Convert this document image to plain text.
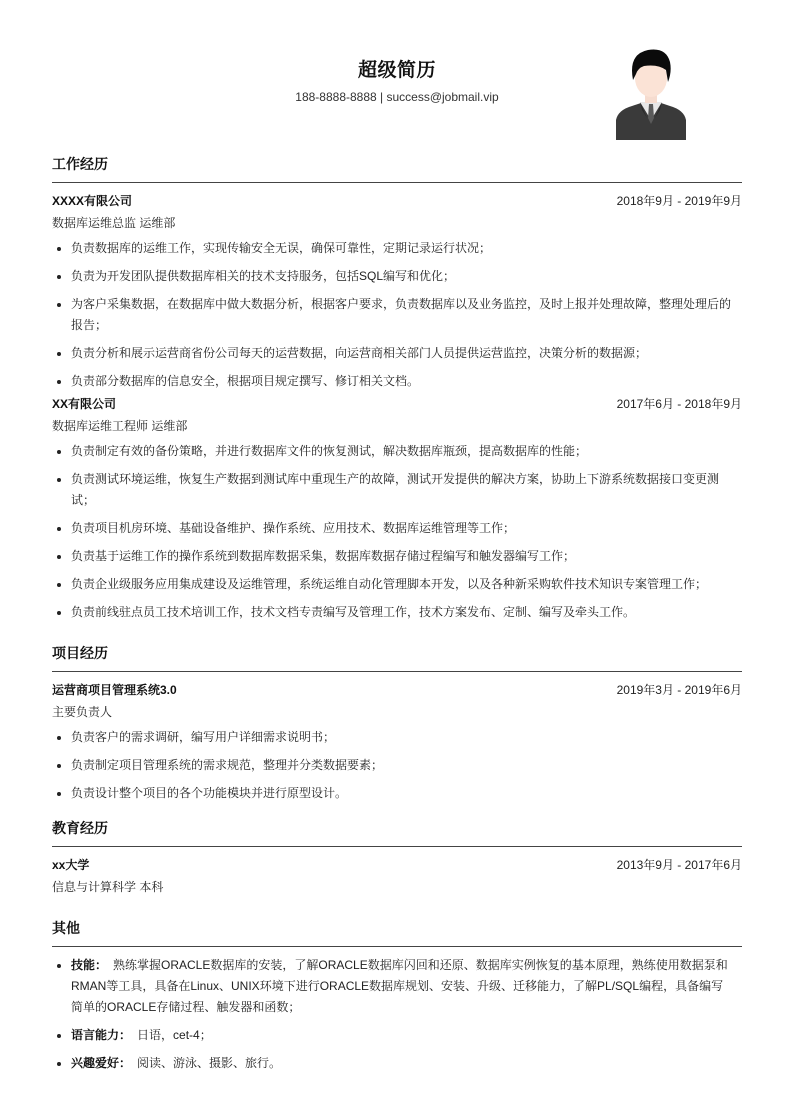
超级简历
188-8888-8888 | success@jobmail.vip
工作经历
XXXX有限公司	2018年9月 - 2019年9月
数据库运维总监 运维部
负责数据库的运维工作，实现传输安全无误，确保可靠性，定期记录运行状况；
负责为开发团队提供数据库相关的技术支持服务，包括SQL编写和优化；
为客户采集数据，在数据库中做大数据分析，根据客户要求，负责数据库以及业务监控，及时上报并处理故障，整理处理后的报告；
负责分析和展示运营商省份公司每天的运营数据，向运营商相关部门人员提供运营监控，决策分析的数据源；
负责部分数据库的信息安全，根据项目规定撰写、修订相关文档。
XX有限公司	2017年6月 - 2018年9月
数据库运维工程师 运维部
负责制定有效的备份策略，并进行数据库文件的恢复测试，解决数据库瓶颈，提高数据库的性能；
负责测试环境运维，恢复生产数据到测试库中重现生产的故障，测试开发提供的解决方案，协助上下游系统数据接口变更测试；
负责项目机房环境、基础设备维护、操作系统、应用技术、数据库运维管理等工作；
负责基于运维工作的操作系统到数据库数据采集，数据库数据存储过程编写和触发器编写工作；
负责企业级服务应用集成建设及运维管理，系统运维自动化管理脚本开发，以及各种新采购软件技术知识专案管理工作；
负责前线驻点员工技术培训工作，技术文档专责编写及管理工作，技术方案发布、定制、编写及牵头工作。
项目经历
运营商项目管理系统3.0	2019年3月 - 2019年6月
主要负责人
负责客户的需求调研，编写用户详细需求说明书；
负责制定项目管理系统的需求规范，整理并分类数据要素；
负责设计整个项目的各个功能模块并进行原型设计。
教育经历
xx大学	2013年9月 - 2017年6月
信息与计算科学 本科
其他
技能： 熟练掌握ORACLE数据库的安装，了解ORACLE数据库闪回和还原、数据库实例恢复的基本原理，熟练使用数据泵和RMAN等工具，具备在Linux、UNIX环境下进行ORACLE数据库规划、安装、升级、迁移能力，了解PL/SQL编程，具备编写简单的ORACLE存储过程、触发器和函数；
语言能力： 日语，cet-4；
兴趣爱好： 阅读、游泳、摄影、旅行。
